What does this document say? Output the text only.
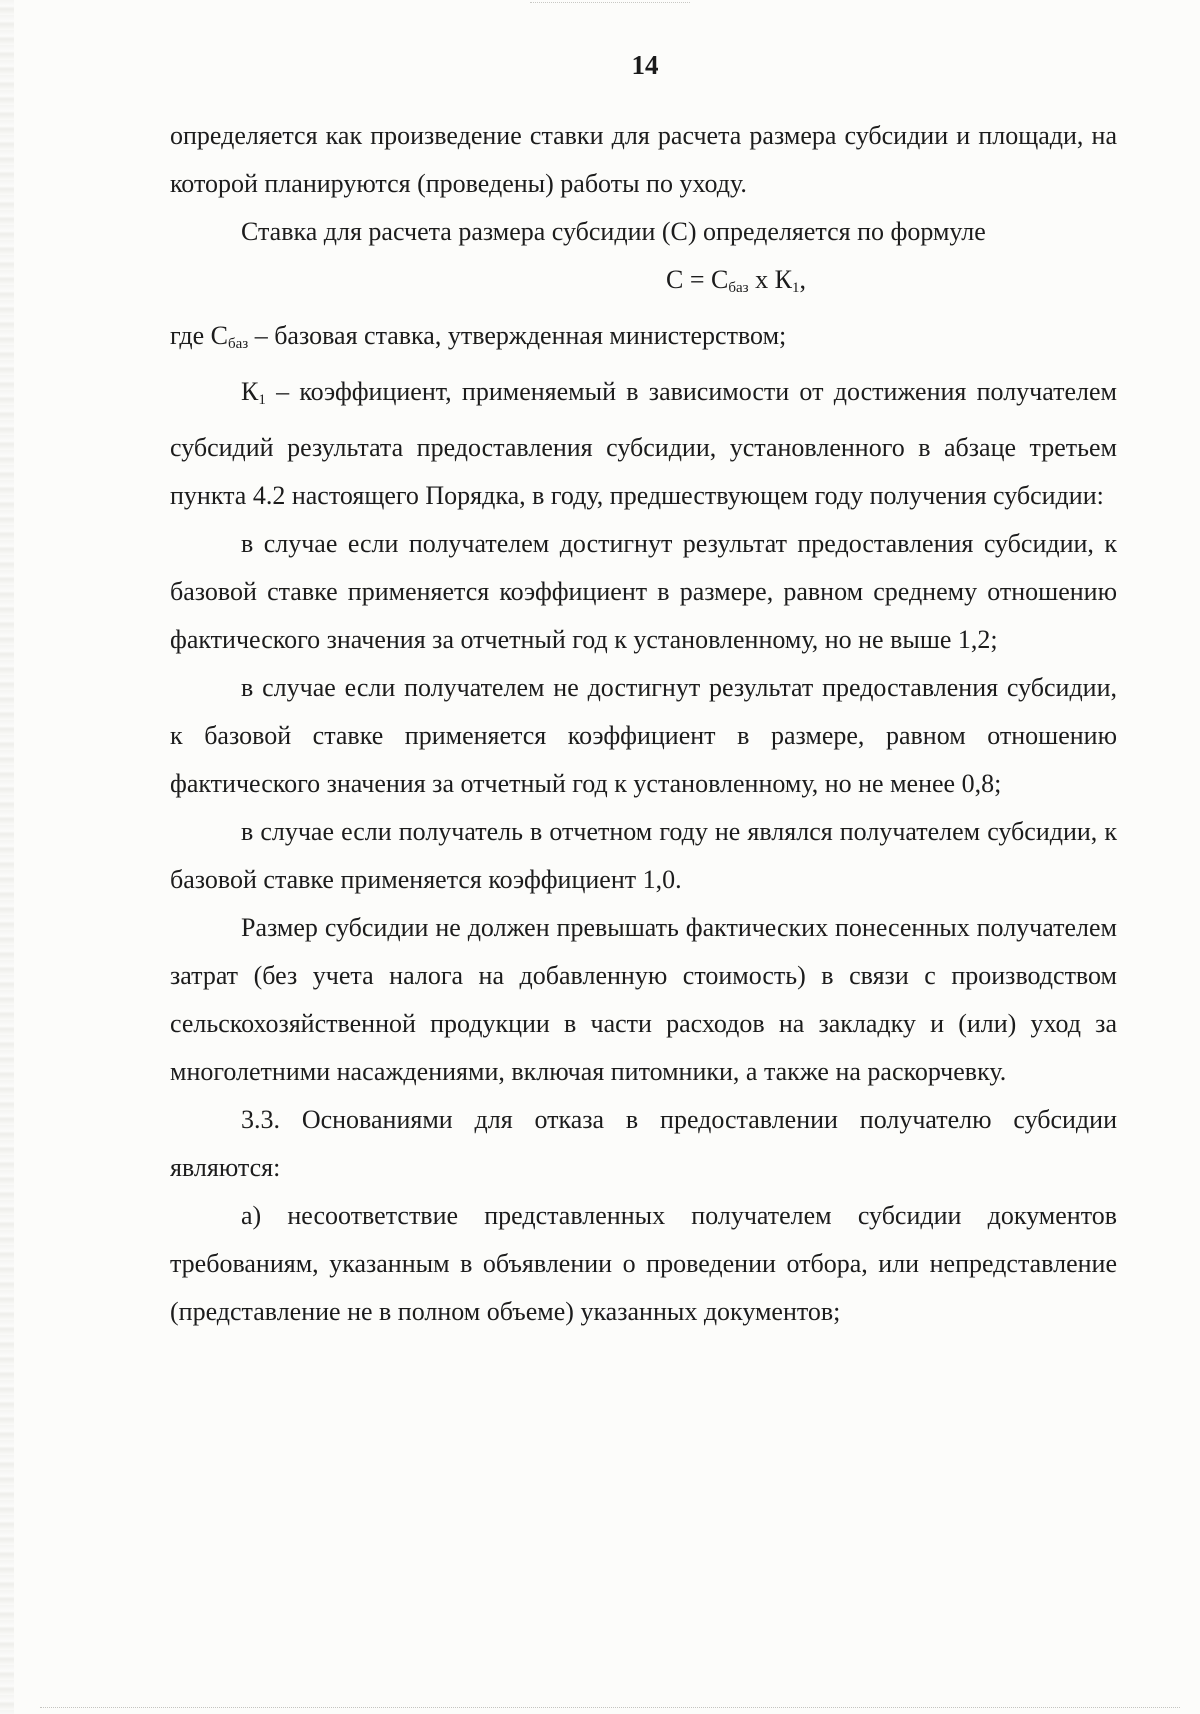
14

определяется как произведение ставки для расчета размера субсидии и площади, на которой планируются (проведены) работы по уходу.

Ставка для расчета размера субсидии (С) определяется по формуле

$С = С_{баз}$ х $К_1$,

где $С_{баз}$ – базовая ставка, утвержденная министерством;

$К_1$ – коэффициент, применяемый в зависимости от достижения получателем субсидий результата предоставления субсидии, установленного в абзаце третьем пункта 4.2 настоящего Порядка, в году, предшествующем году получения субсидии:

в случае если получателем достигнут результат предоставления субсидии, к базовой ставке применяется коэффициент в размере, равном среднему отношению фактического значения за отчетный год к установленному, но не выше 1,2;

в случае если получателем не достигнут результат предоставления субсидии, к базовой ставке применяется коэффициент в размере, равном отношению фактического значения за отчетный год к установленному, но не менее 0,8;

в случае если получатель в отчетном году не являлся получателем субсидии, к базовой ставке применяется коэффициент 1,0.

Размер субсидии не должен превышать фактических понесенных получателем затрат (без учета налога на добавленную стоимость) в связи с производством сельскохозяйственной продукции в части расходов на закладку и (или) уход за многолетними насаждениями, включая питомники, а также на раскорчевку.

3.3. Основаниями для отказа в предоставлении получателю субсидии являются:

а) несоответствие представленных получателем субсидии документов требованиям, указанным в объявлении о проведении отбора, или непредставление (представление не в полном объеме) указанных документов;
